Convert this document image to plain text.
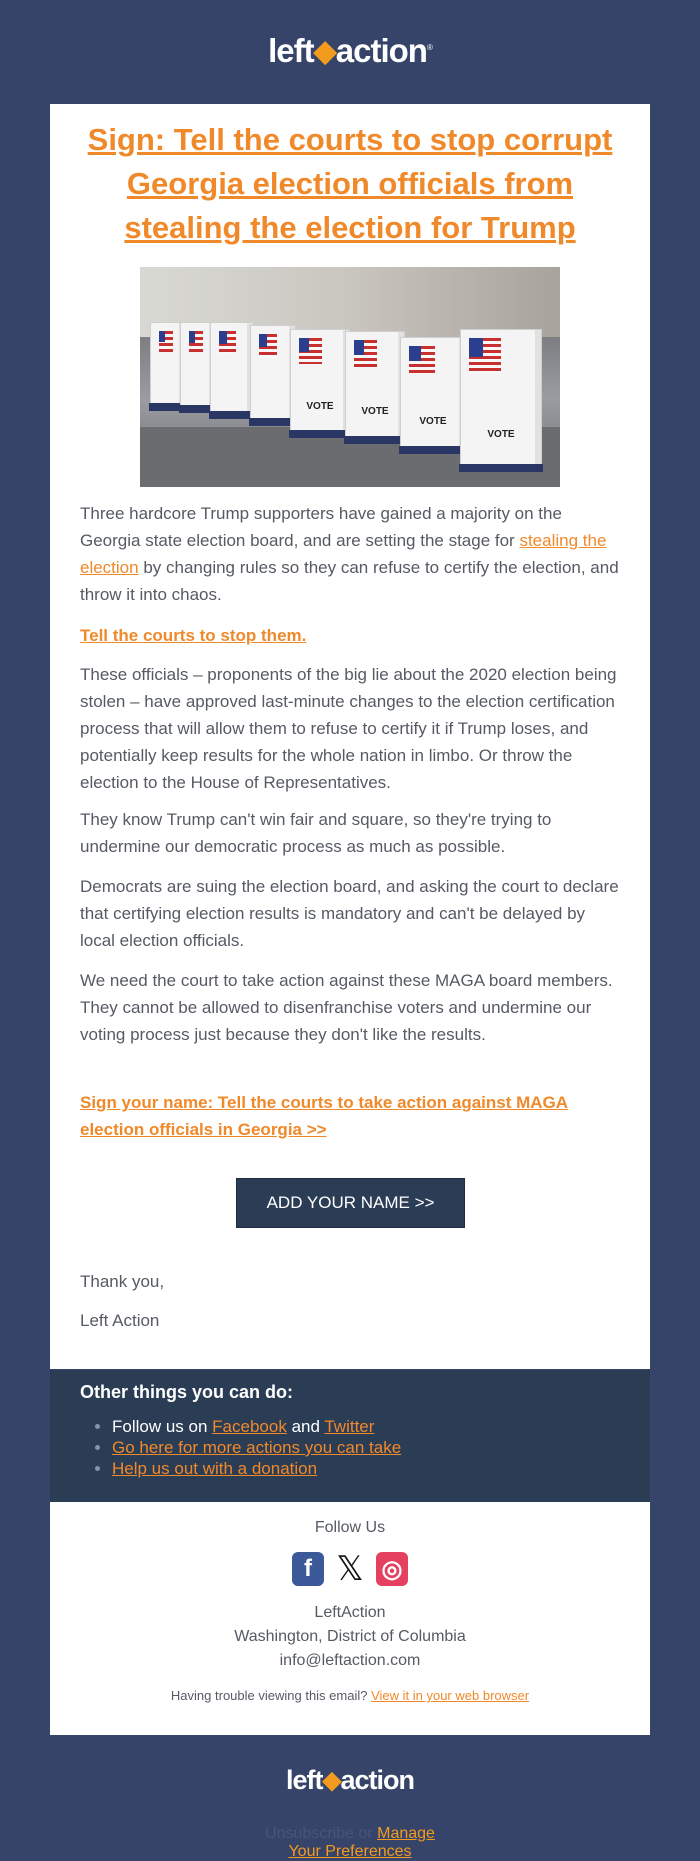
left⬥action®
Sign: Tell the courts to stop corrupt Georgia election officials from stealing the election for Trump
VOTE	VOTE
VOTE
VOTE

Three hardcore Trump supporters have gained a majority on the Georgia state election board, and are setting the stage for stealing the election by changing rules so they can refuse to certify the election, and throw it into chaos.

Tell the courts to stop them.

These officials – proponents of the big lie about the 2020 election being stolen – have approved last-minute changes to the election certification process that will allow them to refuse to certify it if Trump loses, and potentially keep results for the whole nation in limbo. Or throw the election to the House of Representatives.

They know Trump can't win fair and square, so they're trying to undermine our democratic process as much as possible.

Democrats are suing the election board, and asking the court to declare that certifying election results is mandatory and can't be delayed by local election officials.

We need the court to take action against these MAGA board members. They cannot be allowed to disenfranchise voters and undermine our voting process just because they don't like the results.

Sign your name: Tell the courts to take action against MAGA election officials in Georgia >>

ADD YOUR NAME >>
Thank you,
Left Action
Other things you can do:
• Follow us on Facebook and Twitter
• Go here for more actions you can take
• Help us out with a donation
Follow Us
f 𝕏 ◎
LeftAction
Washington, District of Columbia
info@leftaction.com
Having trouble viewing this email? View it in your web browser
left⬥action
Unsubscribe or Manage
Your Preferences
